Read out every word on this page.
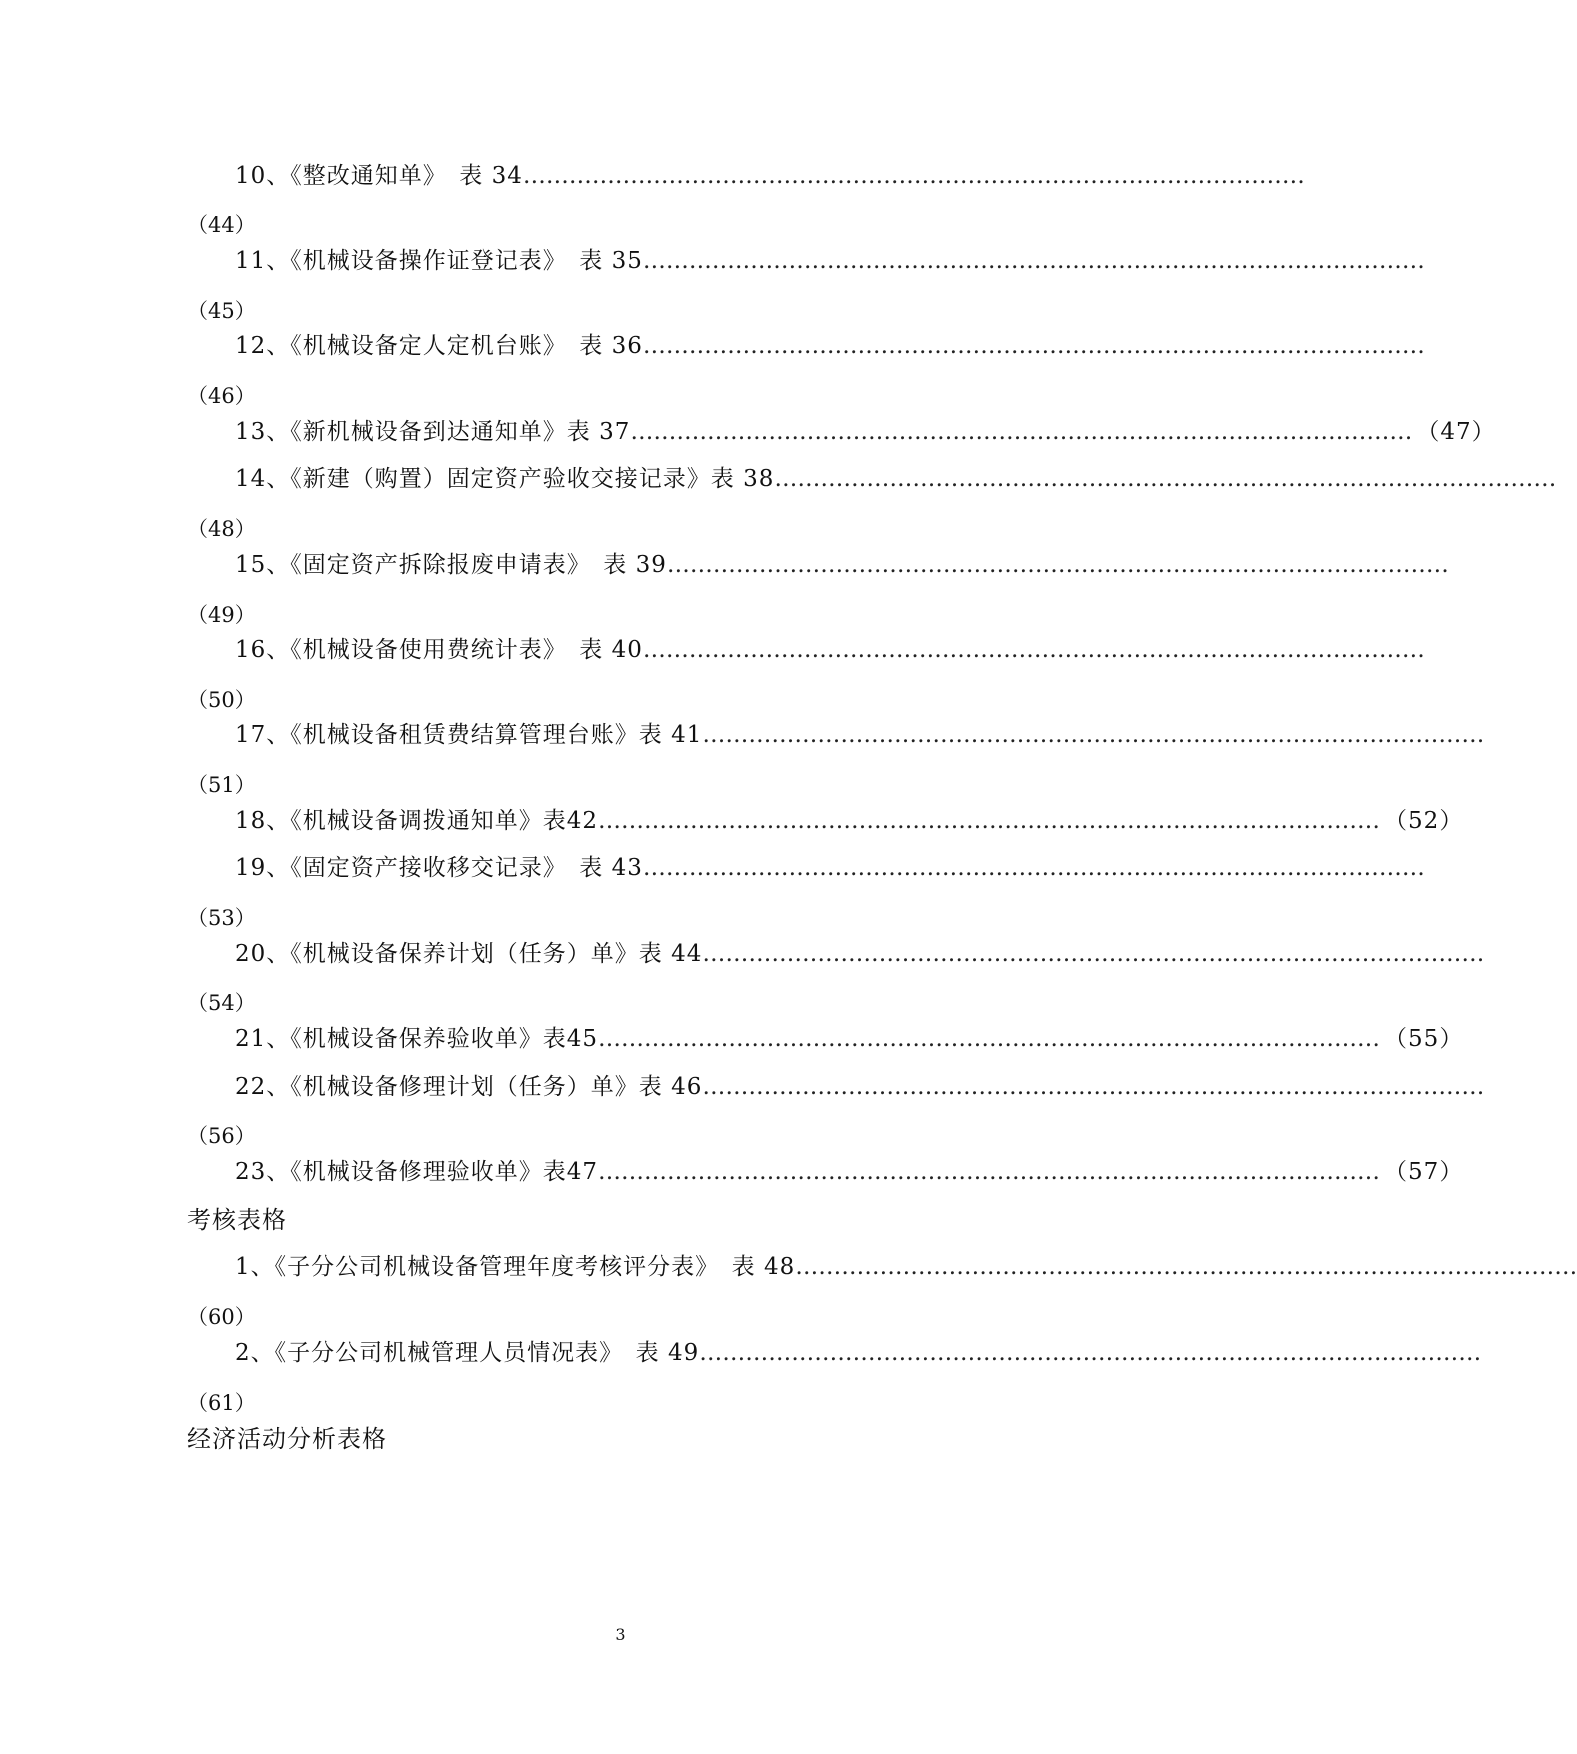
10、《整改通知单》　表 34 …………………………………………………………………………………………
（44）
11、《机械设备操作证登记表》　表 35 …………………………………………………………………………………………
（45）
12、《机械设备定人定机台账》　表 36 …………………………………………………………………………………………
（46）
13、《新机械设备到达通知单》表 37 ………………………………………………………………………………………… （47）
14、《新建（购置）固定资产验收交接记录》表 38 …………………………………………………………………………………………
（48）
15、《固定资产拆除报废申请表》　表 39 …………………………………………………………………………………………
（49）
16、《机械设备使用费统计表》　表 40 …………………………………………………………………………………………
（50）
17、《机械设备租赁费结算管理台账》表 41 …………………………………………………………………………………………
（51）
18、《机械设备调拨通知单》表42 ………………………………………………………………………………………… （52）
19、《固定资产接收移交记录》　表 43 …………………………………………………………………………………………
（53）
20、《机械设备保养计划（任务）单》表 44 …………………………………………………………………………………………
（54）
21、《机械设备保养验收单》表45 ………………………………………………………………………………………… （55）
22、《机械设备修理计划（任务）单》表 46 …………………………………………………………………………………………
（56）
23、《机械设备修理验收单》表47 ………………………………………………………………………………………… （57）
考核表格
1、《子分公司机械设备管理年度考核评分表》　表 48 …………………………………………………………………………………………
（60）
2、《子分公司机械管理人员情况表》　表 49 …………………………………………………………………………………………
（61）
经济活动分析表格
3
